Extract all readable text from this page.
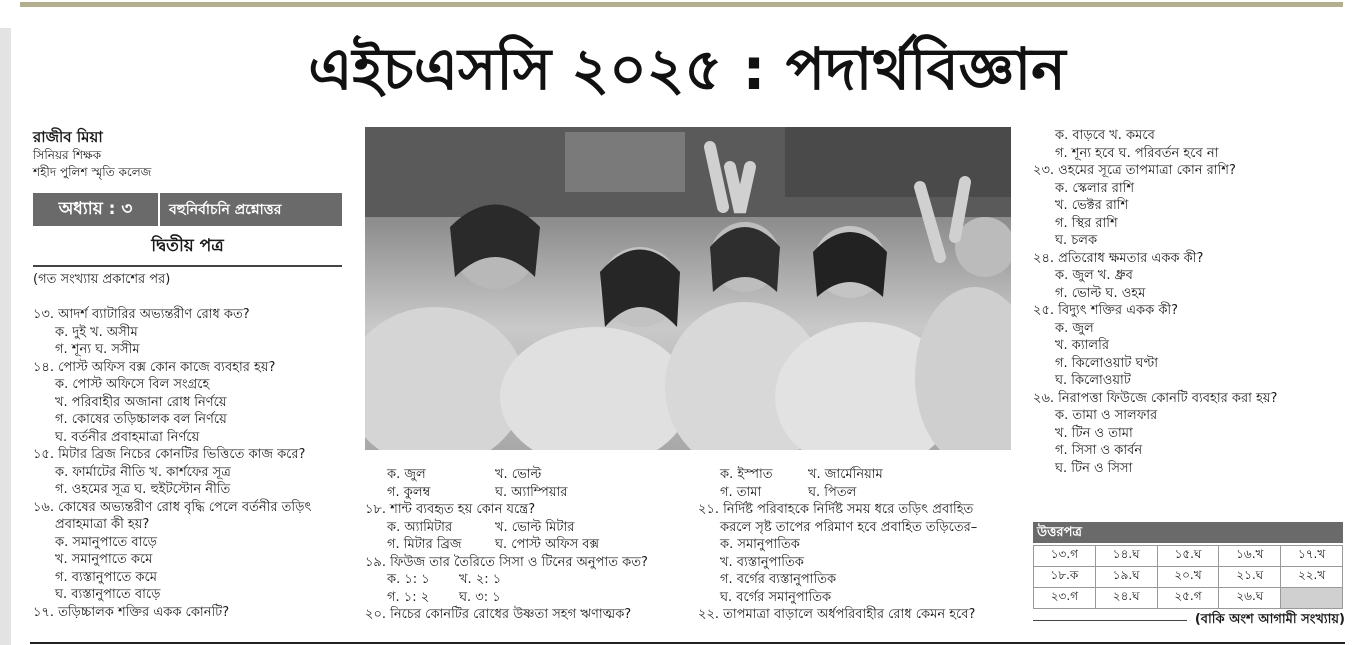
এইচএসসি ২০২৫ : পদার্থবিজ্ঞান
রাজীব মিয়া
সিনিয়র শিক্ষক
শহীদ পুলিশ স্মৃতি কলেজ
অধ্যায় : ৩	বহুনির্বাচনি প্রশ্নোত্তর
দ্বিতীয় পত্র
(গত সংখ্যায় প্রকাশের পর)
১৩. আদর্শ ব্যাটারির অভ্যন্তরীণ রোধ কত?
ক. দুই খ. অসীম
গ. শূন্য ঘ. সসীম
১৪. পোস্ট অফিস বক্স কোন কাজে ব্যবহার হয়?
ক. পোস্ট অফিসে বিল সংগ্রহে
খ. পরিবাহীর অজানা রোধ নির্ণয়ে
গ. কোষের তড়িচ্চালক বল নির্ণয়ে
ঘ. বর্তনীর প্রবাহমাত্রা নির্ণয়ে
১৫. মিটার ব্রিজ নিচের কোনটির ভিত্তিতে কাজ করে?
ক. ফার্মাটের নীতি খ. কার্শফের সূত্র
গ. ওহমের সূত্র ঘ. হুইটস্টোন নীতি
১৬. কোষের অভ্যন্তরীণ রোধ বৃদ্ধি পেলে বর্তনীর তড়িৎ
প্রবাহমাত্রা কী হয়?
ক. সমানুপাতে বাড়ে
খ. সমানুপাতে কমে
গ. ব্যস্তানুপাতে কমে
ঘ. ব্যস্তানুপাতে বাড়ে
১৭. তড়িচ্চালক শক্তির একক কোনটি?
ক. জুল	খ. ভোল্ট
গ. কুলম্ব	ঘ. অ্যাম্পিয়ার
১৮. শান্ট ব্যবহৃত হয় কোন যন্ত্রে?
ক. অ্যামিটার	খ. ভোল্ট মিটার
গ. মিটার ব্রিজ	ঘ. পোস্ট অফিস বক্স
১৯. ফিউজ তার তৈরিতে সিসা ও টিনের অনুপাত কত?
ক. ১: ১	খ. ২: ১
গ. ১: ২	ঘ. ৩: ১
২০. নিচের কোনটির রোধের উষ্ণতা সহগ ঋণাত্মক?
ক. ইস্পাত	খ. জার্মেনিয়াম
গ. তামা	ঘ. পিতল
২১. নির্দিষ্ট পরিবাহকে নির্দিষ্ট সময় ধরে তড়িৎ প্রবাহিত
করলে সৃষ্ট তাপের পরিমাণ হবে প্রবাহিত তড়িতের–
ক. সমানুপাতিক
খ. ব্যস্তানুপাতিক
গ. বর্গের ব্যস্তানুপাতিক
ঘ. বর্গের সমানুপাতিক
২২. তাপমাত্রা বাড়ালে অর্ধপরিবাহীর রোধ কেমন হবে?
ক. বাড়বে খ. কমবে
গ. শূন্য হবে ঘ. পরিবর্তন হবে না
২৩. ওহমের সূত্রে তাপমাত্রা কোন রাশি?
ক. স্কেলার রাশি
খ. ভেক্টর রাশি
গ. স্থির রাশি
ঘ. চলক
২৪. প্রতিরোধ ক্ষমতার একক কী?
ক. জুল খ. ধ্রুব
গ. ভোল্ট ঘ. ওহম
২৫. বিদ্যুৎ শক্তির একক কী?
ক. জুল
খ. ক্যালরি
গ. কিলোওয়াট ঘণ্টা
ঘ. কিলোওয়াট
২৬. নিরাপত্তা ফিউজে কোনটি ব্যবহার করা হয়?
ক. তামা ও সালফার
খ. টিন ও তামা
গ. সিসা ও কার্বন
ঘ. টিন ও সিসা
উত্তরপত্র
১৩.গ	১৪.ঘ	১৫.ঘ	১৬.খ	১৭.খ
১৮.ক	১৯.ঘ	২০.খ	২১.ঘ	২২.খ
২৩.গ	২৪.ঘ	২৫.গ	২৬.ঘ	
(বাকি অংশ আগামী সংখ্যায়)
